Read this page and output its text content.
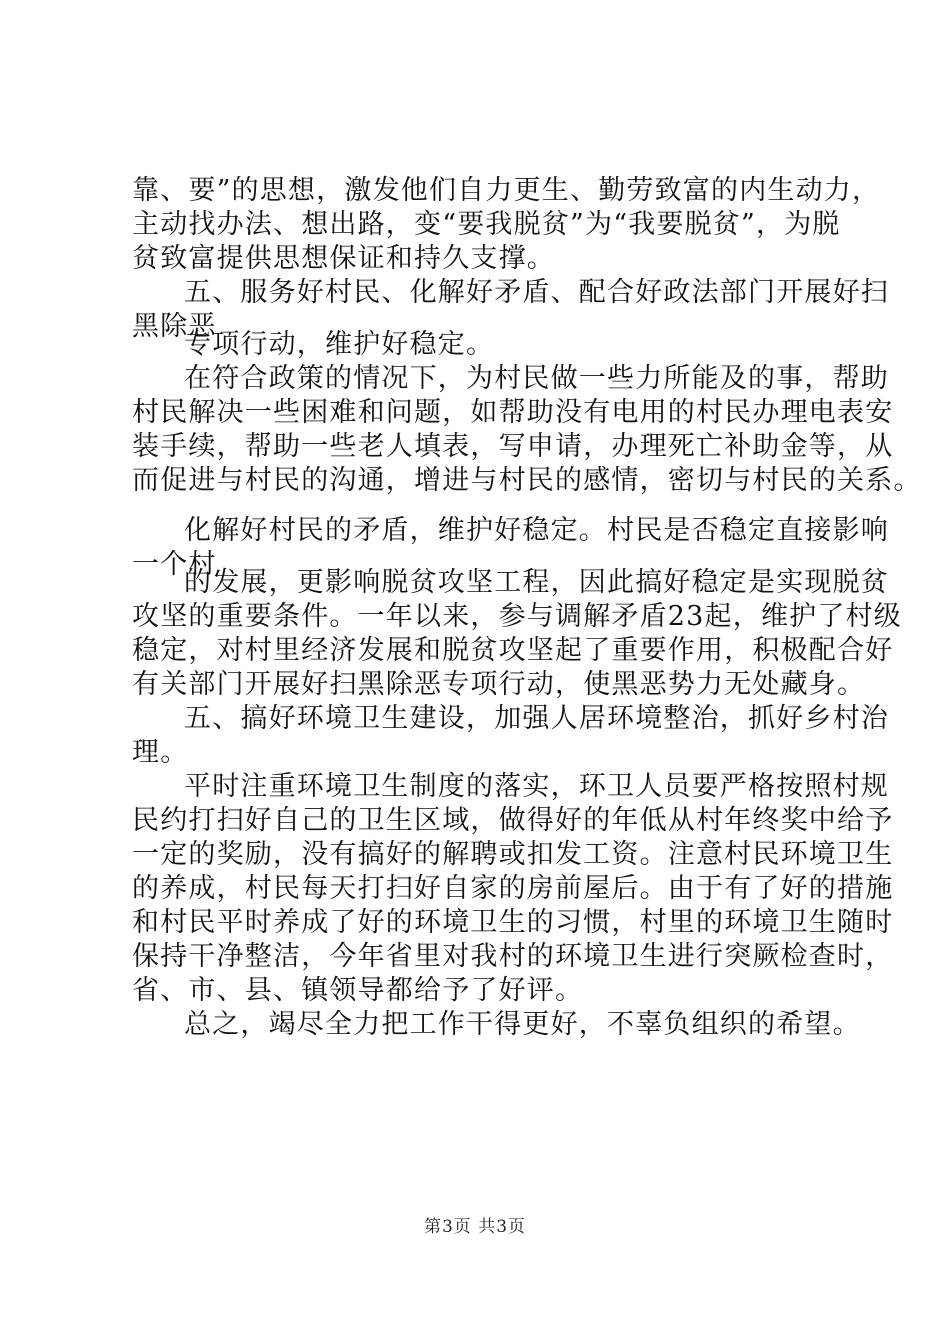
靠、要”的思想，激发他们自力更生、勤劳致富的内生动力，
主动找办法、想出路，变“要我脱贫”为“我要脱贫”，为脱
贫致富提供思想保证和持久支撑。
五、服务好村民、化解好矛盾、配合好政法部门开展好扫
黑除恶
专项行动，维护好稳定。
在符合政策的情况下，为村民做一些力所能及的事，帮助
村民解决一些困难和问题，如帮助没有电用的村民办理电表安
装手续，帮助一些老人填表，写申请，办理死亡补助金等，从
而促进与村民的沟通，增进与村民的感情，密切与村民的关系。
化解好村民的矛盾，维护好稳定。村民是否稳定直接影响
一个村
的发展，更影响脱贫攻坚工程，因此搞好稳定是实现脱贫
攻坚的重要条件。一年以来，参与调解矛盾23起，维护了村级
稳定，对村里经济发展和脱贫攻坚起了重要作用，积极配合好
有关部门开展好扫黑除恶专项行动，使黑恶势力无处藏身。
五、搞好环境卫生建设，加强人居环境整治，抓好乡村治
理。
平时注重环境卫生制度的落实，环卫人员要严格按照村规
民约打扫好自己的卫生区域，做得好的年低从村年终奖中给予
一定的奖励，没有搞好的解聘或扣发工资。注意村民环境卫生
的养成，村民每天打扫好自家的房前屋后。由于有了好的措施
和村民平时养成了好的环境卫生的习惯，村里的环境卫生随时
保持干净整洁，今年省里对我村的环境卫生进行突厥检查时，
省、市、县、镇领导都给予了好评。
总之，竭尽全力把工作干得更好，不辜负组织的希望。
第3页 共3页
